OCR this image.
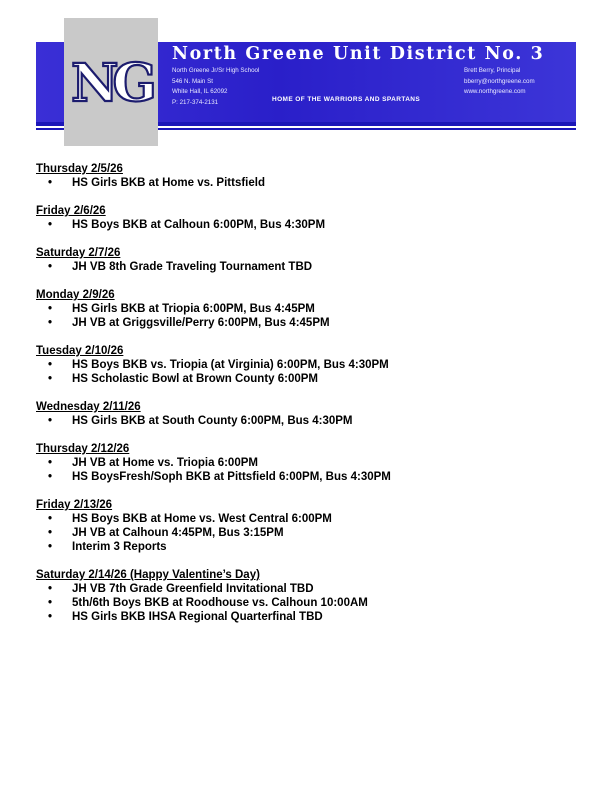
NG North Greene Unit District No. 3
North Greene Jr/Sr High School
546 N. Main St
White Hall, IL 62092
P: 217-374-2131
Brett Berry, Principal
bberry@northgreene.com
www.northgreene.com
HOME OF THE WARRIORS AND SPARTANS
Thursday 2/5/26
• HS Girls BKB at Home vs. Pittsfield
Friday 2/6/26
• HS Boys BKB at Calhoun 6:00PM, Bus 4:30PM
Saturday 2/7/26
• JH VB 8th Grade Traveling Tournament TBD
Monday 2/9/26
• HS Girls BKB at Triopia 6:00PM, Bus 4:45PM
• JH VB at Griggsville/Perry 6:00PM, Bus 4:45PM
Tuesday 2/10/26
• HS Boys BKB vs. Triopia (at Virginia) 6:00PM, Bus 4:30PM
• HS Scholastic Bowl at Brown County 6:00PM
Wednesday 2/11/26
• HS Girls BKB at South County 6:00PM, Bus 4:30PM
Thursday 2/12/26
• JH VB at Home vs. Triopia 6:00PM
• HS BoysFresh/Soph BKB at Pittsfield 6:00PM, Bus 4:30PM
Friday 2/13/26
• HS Boys BKB at Home vs. West Central 6:00PM
• JH VB at Calhoun 4:45PM, Bus 3:15PM
• Interim 3 Reports
Saturday 2/14/26 (Happy Valentine’s Day)
• JH VB 7th Grade Greenfield Invitational TBD
• 5th/6th Boys BKB at Roodhouse vs. Calhoun 10:00AM
• HS Girls BKB IHSA Regional Quarterfinal TBD
